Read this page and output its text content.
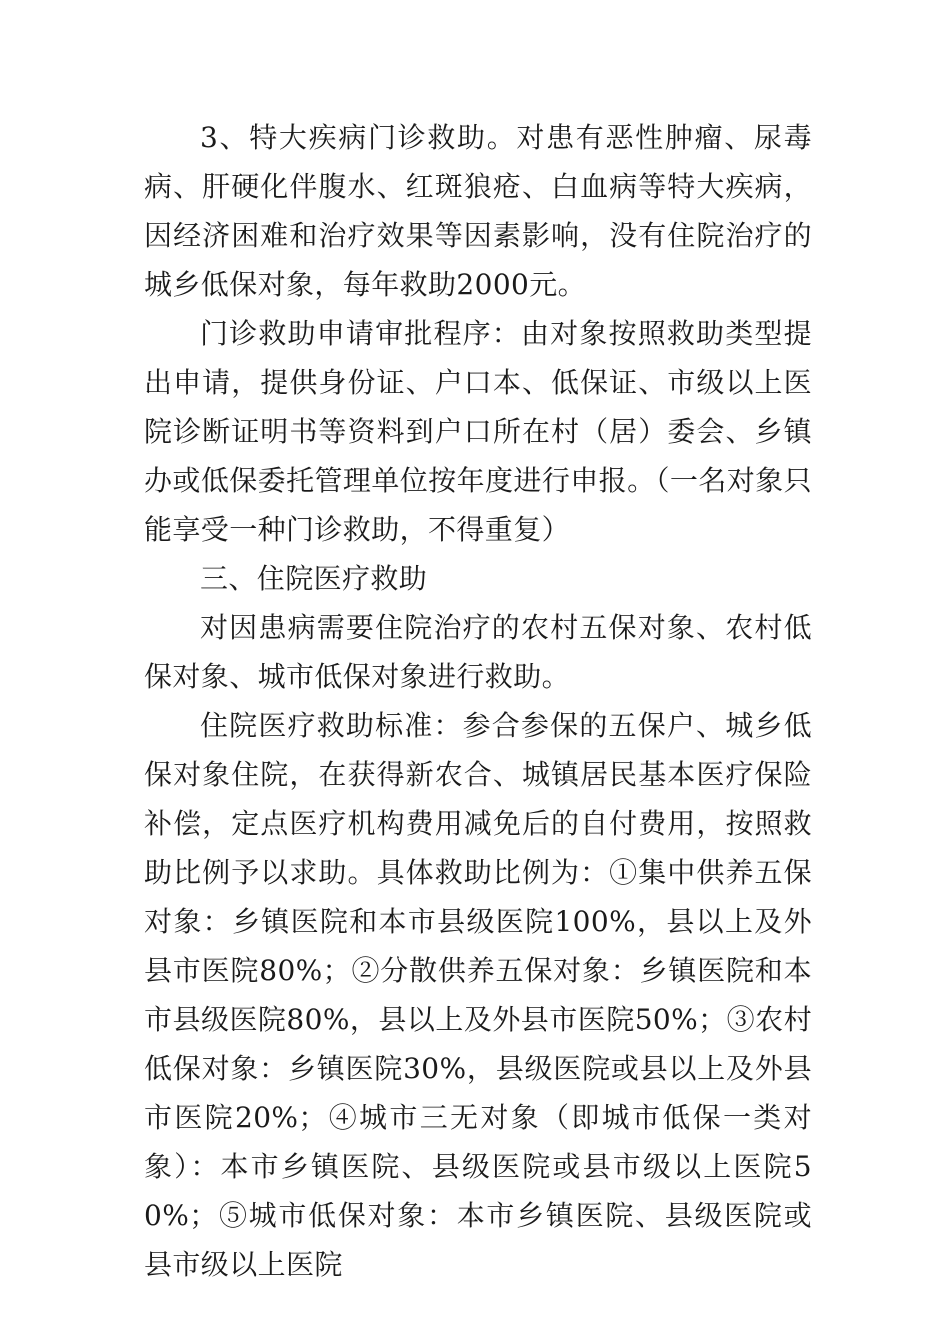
3、特大疾病门诊救助。对患有恶性肿瘤、尿毒病、肝硬化伴腹水、红斑狼疮、白血病等特大疾病，因经济困难和治疗效果等因素影响，没有住院治疗的城乡低保对象，每年救助2000元。

门诊救助申请审批程序：由对象按照救助类型提出申请，提供身份证、户口本、低保证、市级以上医院诊断证明书等资料到户口所在村（居）委会、乡镇办或低保委托管理单位按年度进行申报。（一名对象只能享受一种门诊救助，不得重复）

三、住院医疗救助

对因患病需要住院治疗的农村五保对象、农村低保对象、城市低保对象进行救助。

住院医疗救助标准：参合参保的五保户、城乡低保对象住院，在获得新农合、城镇居民基本医疗保险补偿，定点医疗机构费用减免后的自付费用，按照救助比例予以求助。具体救助比例为：①集中供养五保对象：乡镇医院和本市县级医院100%，县以上及外县市医院80%；②分散供养五保对象：乡镇医院和本市县级医院80%，县以上及外县市医院50%；③农村低保对象：乡镇医院30%，县级医院或县以上及外县市医院20%；④城市三无对象（即城市低保一类对象）：本市乡镇医院、县级医院或县市级以上医院50%；⑤城市低保对象：本市乡镇医院、县级医院或县市级以上医院
